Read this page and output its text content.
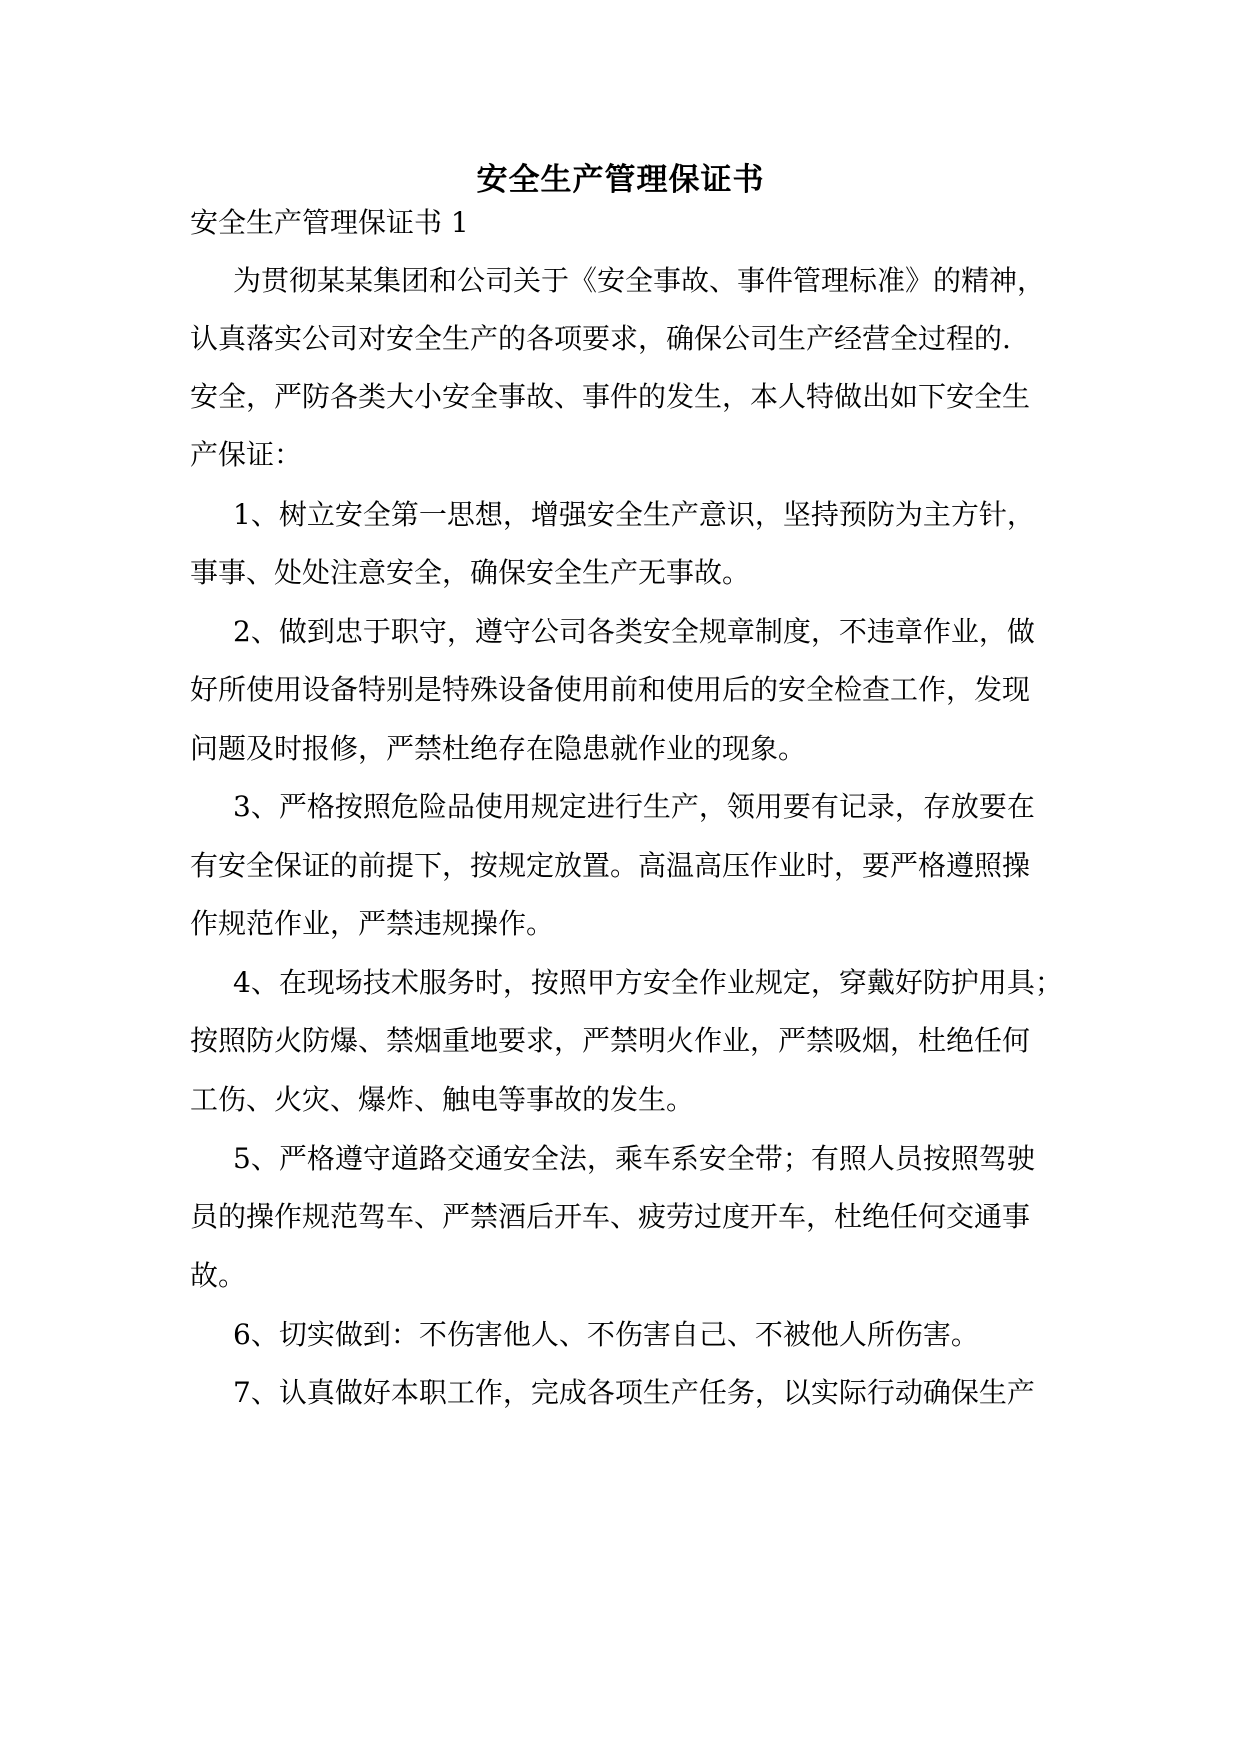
安全生产管理保证书
安全生产管理保证书 1
为贯彻某某集团和公司关于《安全事故、事件管理标准》的精神，
认真落实公司对安全生产的各项要求，确保公司生产经营全过程的.
安全，严防各类大小安全事故、事件的发生，本人特做出如下安全生
产保证：
1、树立安全第一思想，增强安全生产意识，坚持预防为主方针，
事事、处处注意安全，确保安全生产无事故。
2、做到忠于职守，遵守公司各类安全规章制度，不违章作业，做
好所使用设备特别是特殊设备使用前和使用后的安全检查工作，发现
问题及时报修，严禁杜绝存在隐患就作业的现象。
3、严格按照危险品使用规定进行生产，领用要有记录，存放要在
有安全保证的前提下，按规定放置。高温高压作业时，要严格遵照操
作规范作业，严禁违规操作。
4、在现场技术服务时，按照甲方安全作业规定，穿戴好防护用具；
按照防火防爆、禁烟重地要求，严禁明火作业，严禁吸烟，杜绝任何
工伤、火灾、爆炸、触电等事故的发生。
5、严格遵守道路交通安全法，乘车系安全带；有照人员按照驾驶
员的操作规范驾车、严禁酒后开车、疲劳过度开车，杜绝任何交通事
故。
6、切实做到：不伤害他人、不伤害自己、不被他人所伤害。
7、认真做好本职工作，完成各项生产任务，以实际行动确保生产
